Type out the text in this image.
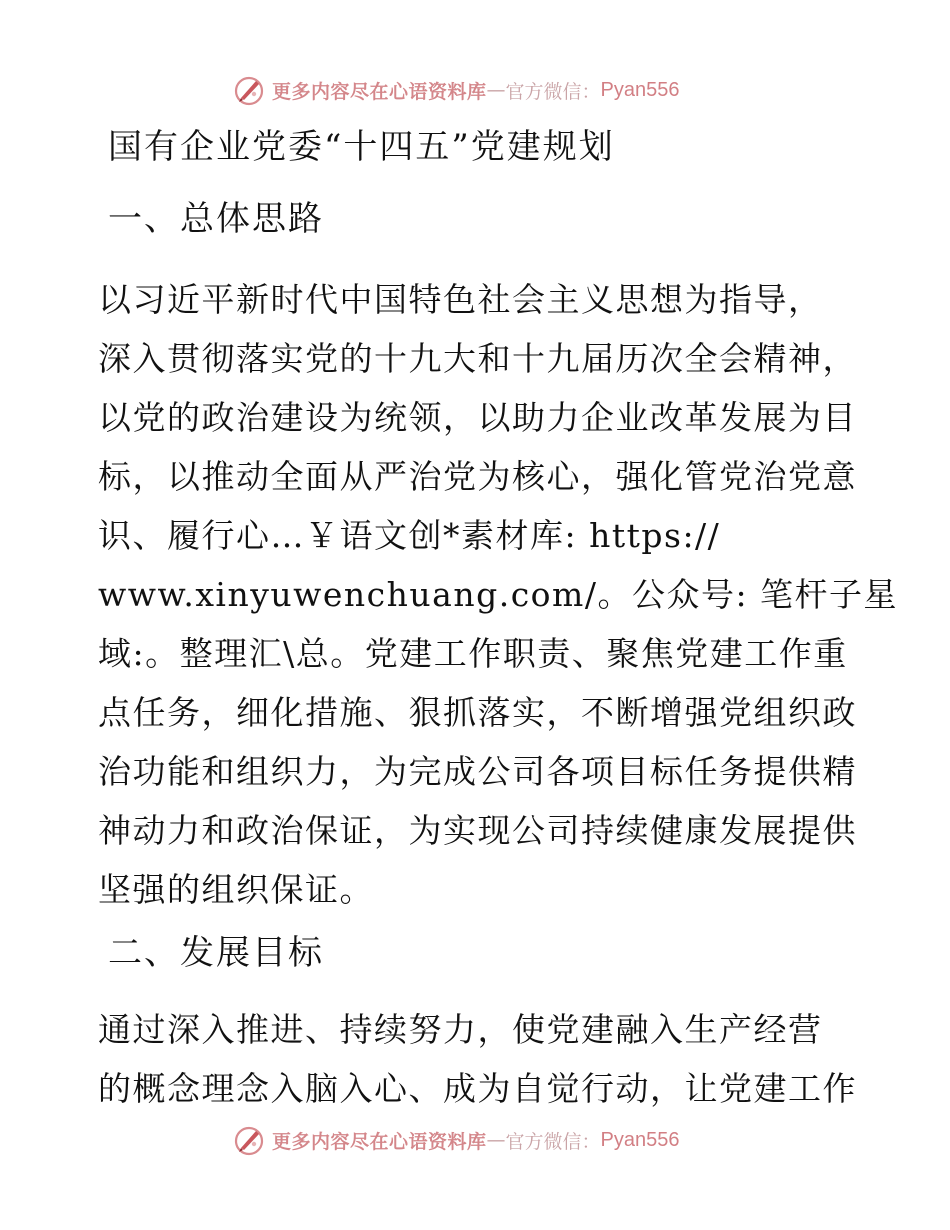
更多内容尽在心语资料库 — 官方微信： Pyan556
国有企业党委“十四五”党建规划
一、总体思路
以习近平新时代中国特色社会主义思想为指导，
深入贯彻落实党的十九大和十九届历次全会精神，
以党的政治建设为统领，以助力企业改革发展为目
标，以推动全面从严治党为核心，强化管党治党意
识、履行心…￥语文创*素材库: https://
www.xinyuwenchuang.com/。公众号: 笔杆子星
域:。整理汇\总。党建工作职责、聚焦党建工作重
点任务，细化措施、狠抓落实，不断增强党组织政
治功能和组织力，为完成公司各项目标任务提供精
神动力和政治保证，为实现公司持续健康发展提供
坚强的组织保证。
二、发展目标
通过深入推进、持续努力，使党建融入生产经营
的概念理念入脑入心、成为自觉行动，让党建工作
更多内容尽在心语资料库 — 官方微信： Pyan556
